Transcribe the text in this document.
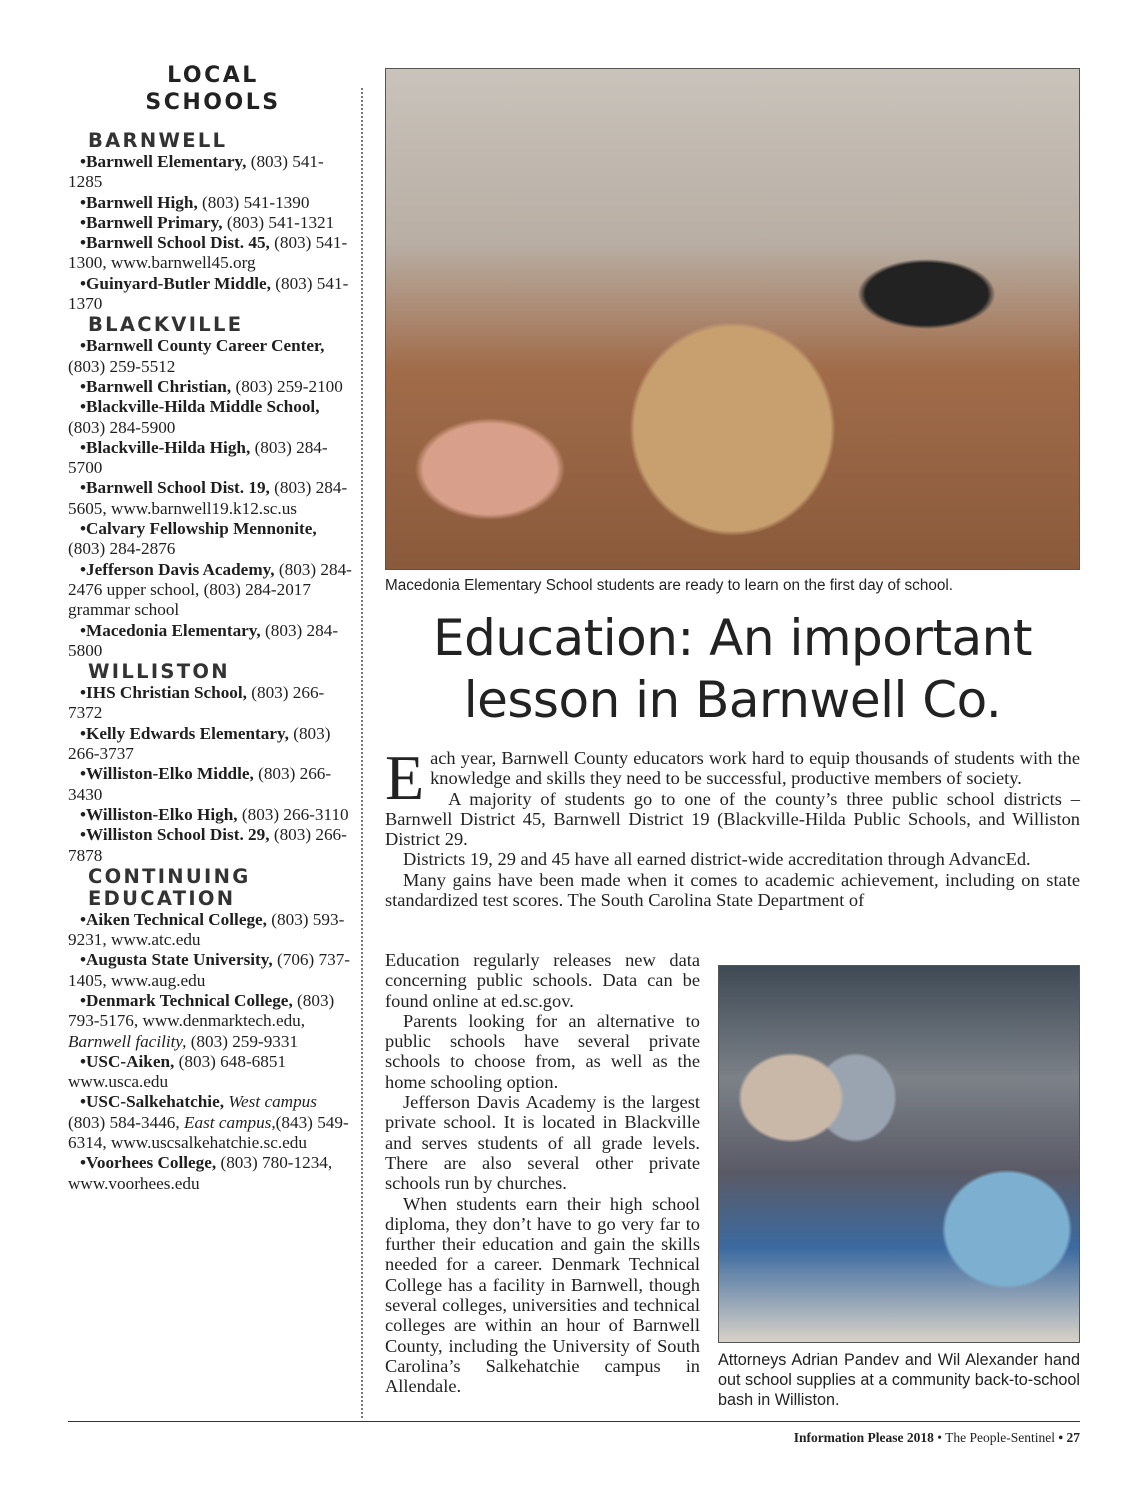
LOCAL
SCHOOLS
BARNWELL
•Barnwell Elementary, (803) 541-1285
•Barnwell High, (803) 541-1390
•Barnwell Primary, (803) 541-1321
•Barnwell School Dist. 45, (803) 541-1300, www.barnwell45.org
•Guinyard-Butler Middle, (803) 541-1370
BLACKVILLE
•Barnwell County Career Center, (803) 259-5512
•Barnwell Christian, (803) 259-2100
•Blackville-Hilda Middle School, (803) 284-5900
•Blackville-Hilda High, (803) 284-5700
•Barnwell School Dist. 19, (803) 284-5605, www.barnwell19.k12.sc.us
•Calvary Fellowship Mennonite, (803) 284-2876
•Jefferson Davis Academy, (803) 284-2476 upper school, (803) 284-2017 grammar school
•Macedonia Elementary, (803) 284-5800
WILLISTON
•IHS Christian School, (803) 266-7372
•Kelly Edwards Elementary, (803) 266-3737
•Williston-Elko Middle, (803) 266-3430
•Williston-Elko High, (803) 266-3110
•Williston School Dist. 29, (803) 266-7878
CONTINUING EDUCATION
•Aiken Technical College, (803) 593-9231, www.atc.edu
•Augusta State University, (706) 737-1405, www.aug.edu
•Denmark Technical College, (803) 793-5176, www.denmarktech.edu, Barnwell facility, (803) 259-9331
•USC-Aiken, (803) 648-6851 www.usca.edu
•USC-Salkehatchie, West campus (803) 584-3446, East campus,(843) 549-6314, www.uscsalkehatchie.sc.edu
•Voorhees College, (803) 780-1234, www.voorhees.edu
Macedonia Elementary School students are ready to learn on the first day of school.
Education: An important
lesson in Barnwell Co.
Each year, Barnwell County educators work hard to equip thousands of students with the knowledge and skills they need to be successful, productive members of society.
A majority of students go to one of the county’s three public school districts – Barnwell District 45, Barnwell District 19 (Blackville-Hilda Public Schools, and Williston District 29.
Districts 19, 29 and 45 have all earned district-wide accreditation through AdvancEd.
Many gains have been made when it comes to academic achievement, including on state standardized test scores. The South Carolina State Department of
Education regularly releases new data concerning public schools. Data can be found online at ed.sc.gov.
Parents looking for an alternative to public schools have several private schools to choose from, as well as the home schooling option.
Jefferson Davis Academy is the largest private school. It is located in Blackville and serves students of all grade levels. There are also several other private schools run by churches.
When students earn their high school diploma, they don’t have to go very far to further their education and gain the skills needed for a career. Denmark Technical College has a facility in Barnwell, though several colleges, universities and technical colleges are within an hour of Barnwell County, including the University of South Carolina’s Salkehatchie campus in Allendale.
Attorneys Adrian Pandev and Wil Alexander hand out school supplies at a community back-to-school bash in Williston.
Information Please 2018 • The People-Sentinel • 27
